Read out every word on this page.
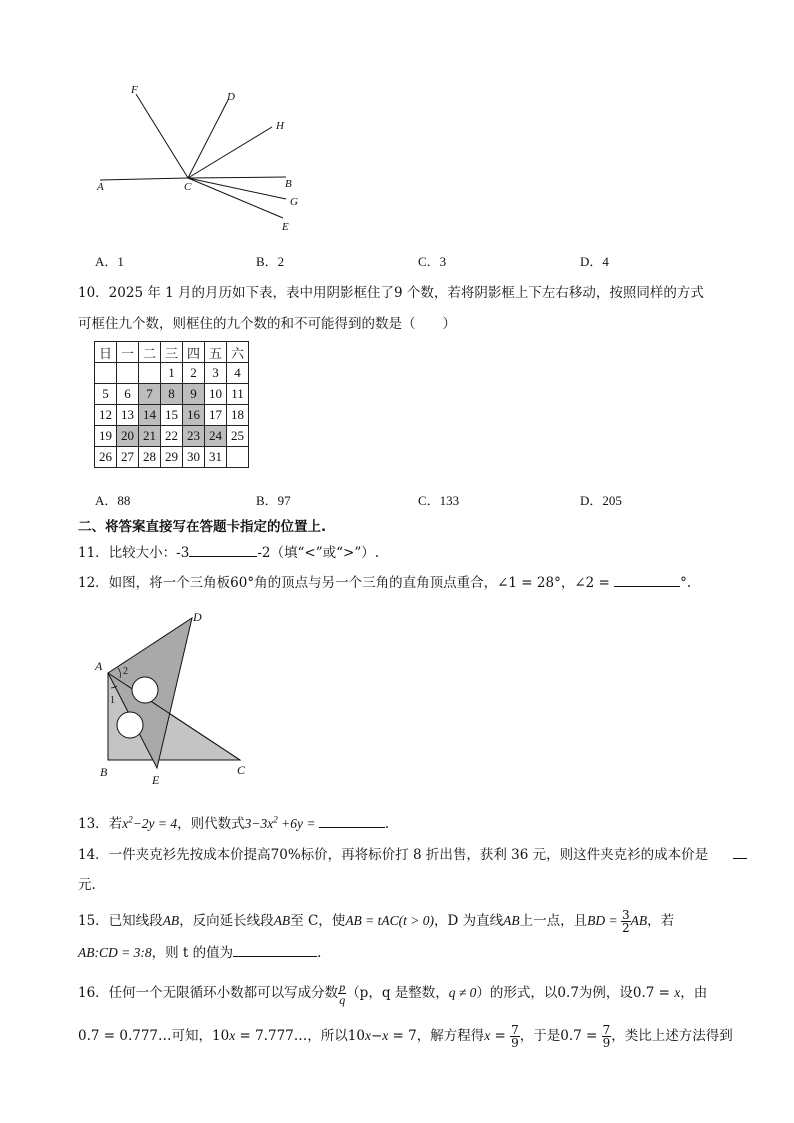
F
D
H
A	C	B
G
E
A．1	B．2	C．3	D．4
10．2025 年 1 月的月历如下表，表中用阴影框住了9 个数，若将阴影框上下左右移动，按照同样的方式
可框住九个数，则框住的九个数的和不可能得到的数是（　　）
日	一	二	三	四	五	六
			1	2	3	4
5	6	7	8	9	10	11
12	13	14	15	16	17	18
19	20	21	22	23	24	25
26	27	28	29	30	31	
A．88	B．97	C．133	D．205
二、将答案直接写在答题卡指定的位置上.
11．比较大小：-3	-2（填“<”或“>”）.
12．如图，将一个三角板60°角的顶点与另一个三角的直角顶点重合，∠1 = 28°，∠2 =	°.
D
A
B
E
C
2
1
13．若$x^2-2y = 4$，则代数式$3-3x^2 +6y$ =	.
14．一件夹克衫先按成本价提高70%标价，再将标价打 8 折出售，获利 36 元，则这件夹克衫的成本价是
元.
15．已知线段AB，反向延长线段AB至 C，使AB = tAC(t > 0)，D 为直线AB上一点，且BD = $\frac{3}{2}$ AB，若
AB:CD = 3:8，则 t 的值为	.
16．任何一个无限循环小数都可以写成分数 $\frac{p}{q} (p$，q 是整数，q ≠ 0）的形式，以0.7为例，设0.7 = x，由
0.7 = 0.777…可知，10x = 7.777…，所以10x−x = 7，解方程得$x = \frac{7}{9}$ ，于是$0.7 = \frac{7}{9}$ ，类比上述方法得到
